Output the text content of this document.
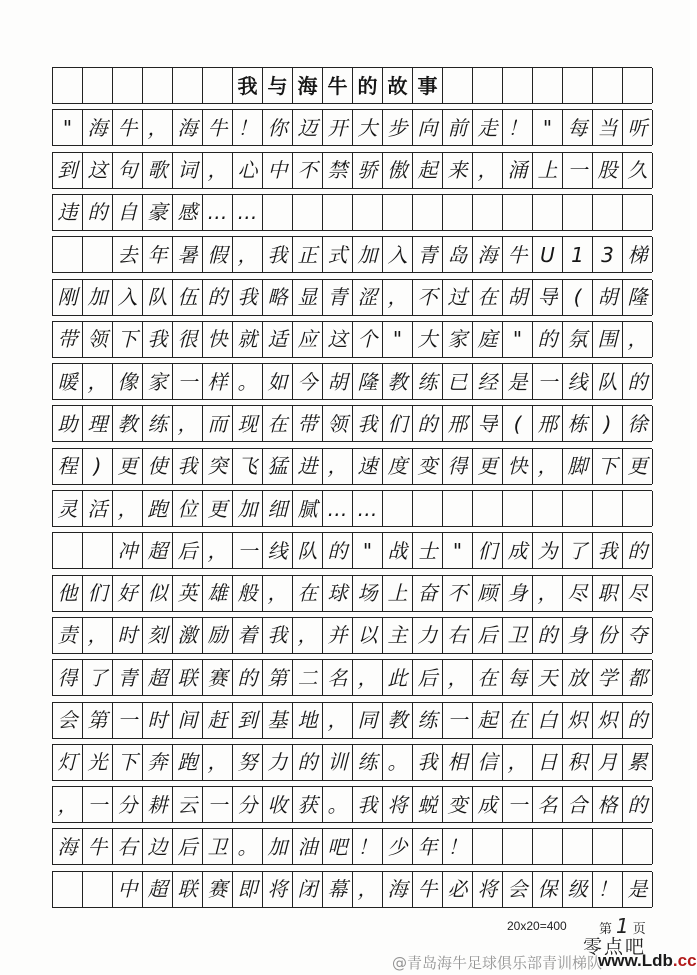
我 与 海 牛 的 故 事
" 海 牛 ， 海 牛 ！ 你 迈 开 大 步 向 前 走 ！ " 每 当 听
到 这 句 歌 词 ， 心 中 不 禁 骄 傲 起 来 ， 涌 上 一 股 久
违 的 自 豪 感 … …
去 年 暑 假 ， 我 正 式 加 入 青 岛 海 牛 U 1 3 梯
刚 加 入 队 伍 的 我 略 显 青 涩 ， 不 过 在 胡 导 ( 胡 隆
带 领 下 我 很 快 就 适 应 这 个 " 大 家 庭 " 的 氛 围 ，
暖 ， 像 家 一 样 。 如 今 胡 隆 教 练 已 经 是 一 线 队 的
助 理 教 练 ， 而 现 在 带 领 我 们 的 邢 导 ( 邢 栋 ) 徐
程 ) 更 使 我 突 飞 猛 进 ， 速 度 变 得 更 快 ， 脚 下 更
灵 活 ， 跑 位 更 加 细 腻 … …
冲 超 后 ， 一 线 队 的 " 战 士 " 们 成 为 了 我 的
他 们 好 似 英 雄 般 ， 在 球 场 上 奋 不 顾 身 ， 尽 职 尽
责 ， 时 刻 激 励 着 我 ， 并 以 主 力 右 后 卫 的 身 份 夺
得 了 青 超 联 赛 的 第 二 名 ， 此 后 ， 在 每 天 放 学 都
会 第 一 时 间 赶 到 基 地 ， 同 教 练 一 起 在 白 炽 炽 的
灯 光 下 奔 跑 ， 努 力 的 训 练 。 我 相 信 ， 日 积 月 累
， 一 分 耕 云 一 分 收 获 。 我 将 蜕 变 成 一 名 合 格 的
海 牛 右 边 后 卫 。 加 油 吧 ！ 少 年 ！
中 超 联 赛 即 将 闭 幕 ， 海 牛 必 将 会 保 级 ！ 是
20x20=400 第 1 页
零点吧
@青岛海牛足球俱乐部青训梯队
www.Ldb.cc
